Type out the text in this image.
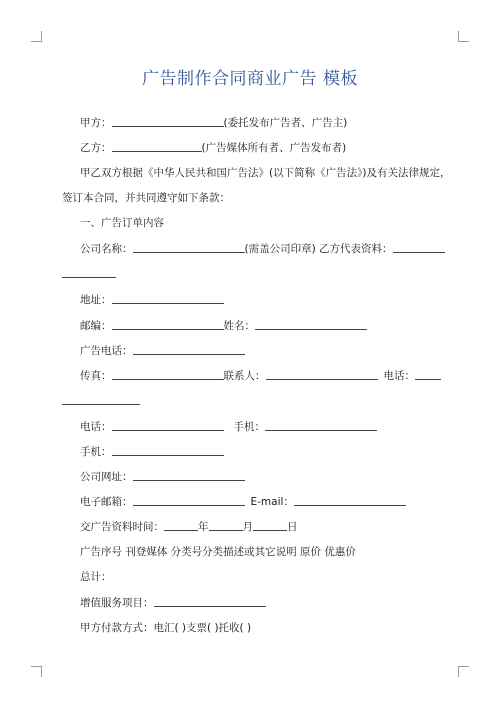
广告制作合同商业广告 模板
甲方：	(委托发布广告者、广告主)
乙方：	(广告媒体所有者、广告发布者)
甲乙双方根据《中华人民共和国广告法》(以下简称《广告法》)及有关法律规定，
签订本合同，并共同遵守如下条款：
一、广告订单内容
公司名称：	(需盖公司印章) 乙方代表资料：
地址：
邮编：	姓名：
广告电话：
传真：	联系人：	电话：
电话：	手机：
手机：
公司网址：
电子邮箱：	E-mail：
交广告资料时间：	年	月	日
广告序号 刊登媒体 分类号分类描述或其它说明 原价 优惠价
总计：
增值服务项目：
甲方付款方式：电汇( )支票( )托收( )
